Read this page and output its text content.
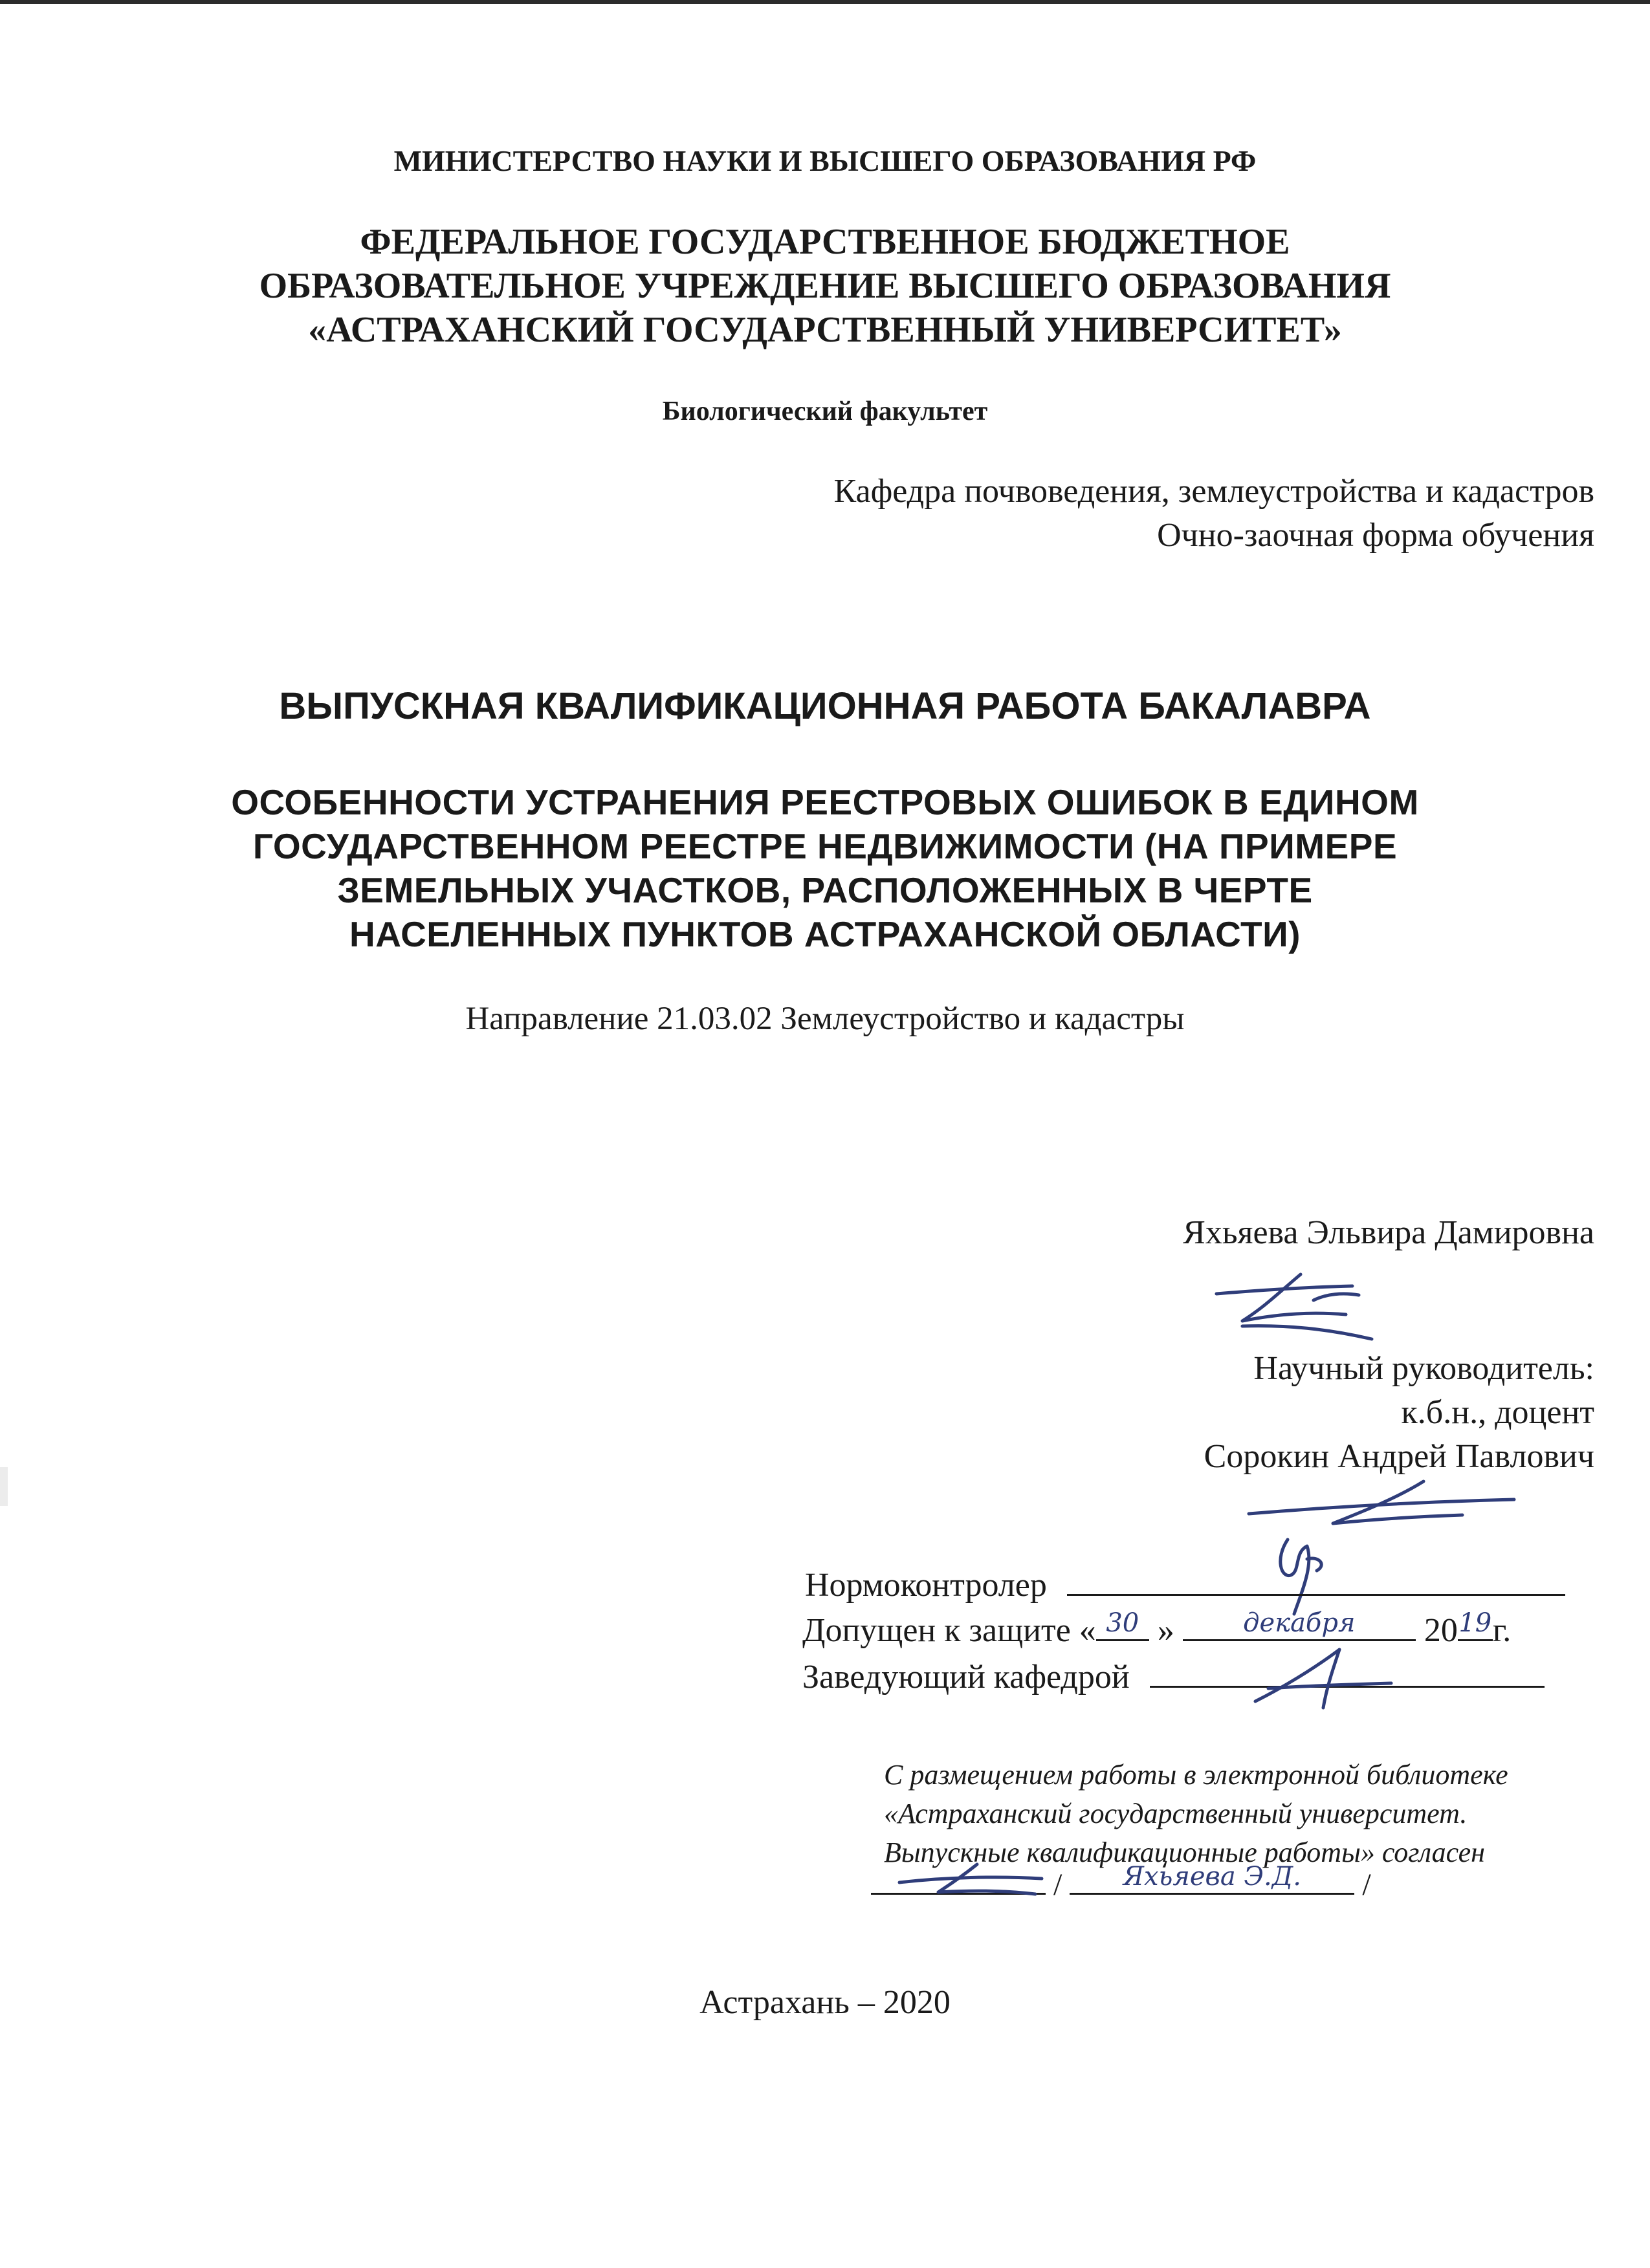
МИНИСТЕРСТВО НАУКИ И ВЫСШЕГО ОБРАЗОВАНИЯ РФ
ФЕДЕРАЛЬНОЕ ГОСУДАРСТВЕННОЕ БЮДЖЕТНОЕ
ОБРАЗОВАТЕЛЬНОЕ УЧРЕЖДЕНИЕ ВЫСШЕГО ОБРАЗОВАНИЯ
«АСТРАХАНСКИЙ ГОСУДАРСТВЕННЫЙ УНИВЕРСИТЕТ»
Биологический факультет
Кафедра почвоведения, землеустройства и кадастров
Очно-заочная форма обучения
ВЫПУСКНАЯ КВАЛИФИКАЦИОННАЯ РАБОТА БАКАЛАВРА
ОСОБЕННОСТИ УСТРАНЕНИЯ РЕЕСТРОВЫХ ОШИБОК В ЕДИНОМ
ГОСУДАРСТВЕННОМ РЕЕСТРЕ НЕДВИЖИМОСТИ (НА ПРИМЕРЕ
ЗЕМЕЛЬНЫХ УЧАСТКОВ, РАСПОЛОЖЕННЫХ В ЧЕРТЕ
НАСЕЛЕННЫХ ПУНКТОВ АСТРАХАНСКОЙ ОБЛАСТИ)
Направление 21.03.02 Землеустройство и кадастры
Яхьяева Эльвира Дамировна
Научный руководитель:
к.б.н., доцент
Сорокин Андрей Павлович
Нормоконтролер
Допущен к защите « 30 »	декабря	20 19 г.
Заведующий кафедрой
С размещением работы в электронной библиотеке
«Астраханский государственный университет.
Выпускные квалификационные работы» согласен
/	Яхьяева Э.Д.	/
Астрахань – 2020
